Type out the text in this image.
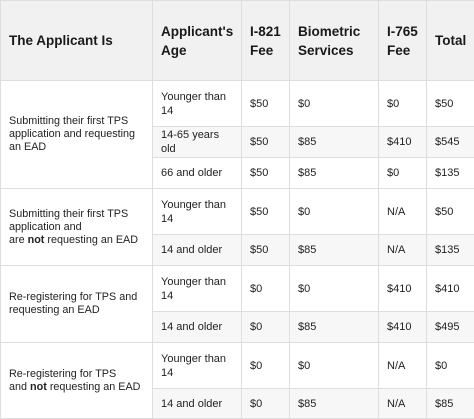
The Applicant Is	Applicant's Age	I-821 Fee	Biometric Services	I-765 Fee	Total
Submitting their first TPS application and requesting an EAD	Younger than 14	$50	$0	$0	$50
	14-65 years old	$50	$85	$410	$545
	66 and older	$50	$85	$0	$135

Submitting their first TPS application and
are not requesting an EAD	Younger than 14	$50	$0	N/A	$50
	14 and older	$50	$85	N/A	$135
Re-registering for TPS and requesting an EAD	Younger than 14	$0	$0	$410	$410
	14 and older	$0	$85	$410	$495

Re-registering for TPS
and not requesting an EAD	Younger than 14	$0	$0	N/A	$0
	14 and older	$0	$85	N/A	$85
